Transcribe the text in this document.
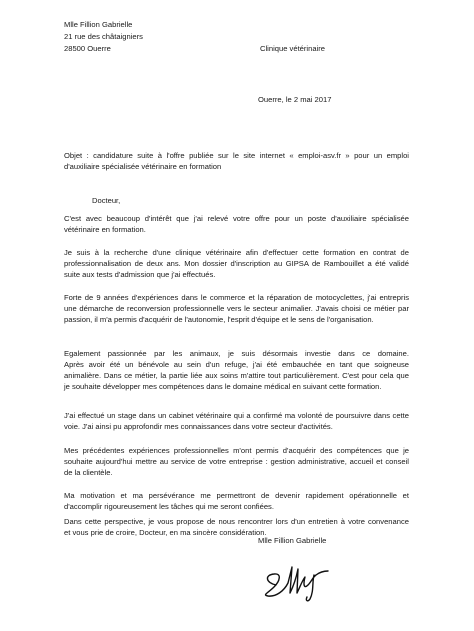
Mlle Fillion Gabrielle
21 rue des châtaigniers
28500 Ouerre	Clinique vétérinaire
Ouerre, le 2 mai 2017
Objet : candidature suite à l'offre publiée sur le site internet « emploi-asv.fr » pour un emploi
d'auxiliaire spécialisée vétérinaire en formation
Docteur,
C'est avec beaucoup d'intérêt que j'ai relevé votre offre pour un poste d'auxiliaire spécialisée
vétérinaire en formation.
Je suis à la recherche d'une clinique vétérinaire afin d'effectuer cette formation en contrat de
professionnalisation de deux ans. Mon dossier d'inscription au GIPSA de Rambouillet a été validé
suite aux tests d'admission que j'ai effectués.
Forte de 9 années d'expériences dans le commerce et la réparation de motocyclettes, j'ai entrepris
une démarche de reconversion professionnelle vers le secteur animalier. J'avais choisi ce métier par
passion, il m'a permis d'acquérir de l'autonomie, l'esprit d'équipe et le sens de l'organisation.
Egalement passionnée par les animaux, je suis désormais investie dans ce domaine.
Après avoir été un bénévole au sein d'un refuge, j'ai été embauchée en tant que soigneuse
animalière. Dans ce métier, la partie liée aux soins m'attire tout particulièrement. C'est pour cela que
je souhaite développer mes compétences dans le domaine médical en suivant cette formation.
J'ai effectué un stage dans un cabinet vétérinaire qui a confirmé ma volonté de poursuivre dans cette
voie. J'ai ainsi pu approfondir mes connaissances dans votre secteur d'activités.
Mes précédentes expériences professionnelles m'ont permis d'acquérir des compétences que je
souhaite aujourd'hui mettre au service de votre entreprise : gestion administrative, accueil et conseil
de la clientèle.
Ma motivation et ma persévérance me permettront de devenir rapidement opérationnelle et
d'accomplir rigoureusement les tâches qui me seront confiées.
Dans cette perspective, je vous propose de nous rencontrer lors d'un entretien à votre convenance
et vous prie de croire, Docteur, en ma sincère considération.
Mlle Fillion Gabrielle
